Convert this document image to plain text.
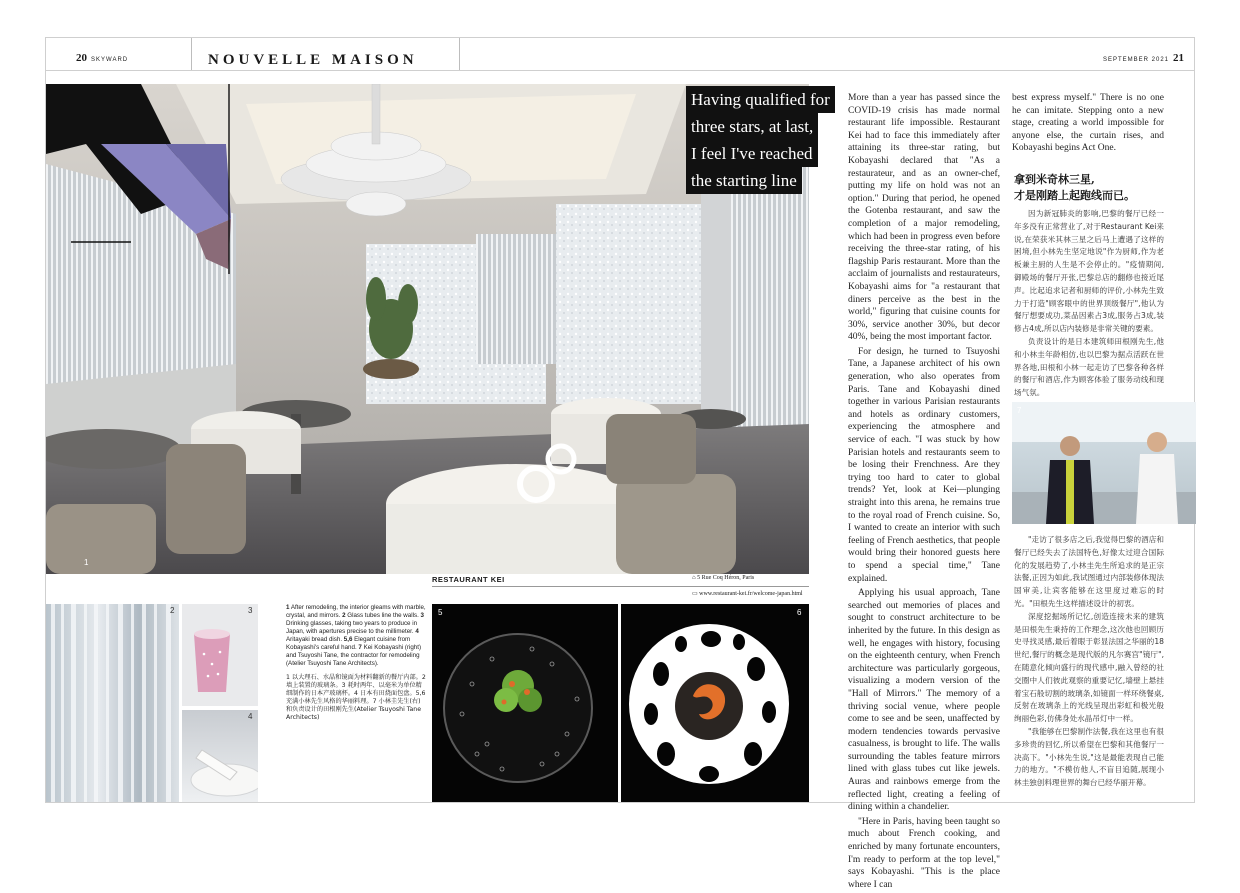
20 SKYWARD	NOUVELLE MAISON	SEPTEMBER 2021 21
1
Having qualified for
three stars, at last,
I feel I've reached
the starting line
2	3
4

1 After remodeling, the interior gleams with marble, crystal, and mirrors. 2 Glass tubes line the walls. 3 Drinking glasses, taking two years to produce in Japan, with apertures precise to the millimeter. 4 Aritayaki bread dish. 5,6 Elegant cuisine from Kobayashi's careful hand. 7 Kei Kobayashi (right) and Tsuyoshi Tane, the contractor for remodeling (Atelier Tsuyoshi Tane Architects).

1 以大理石、水晶和镜面为材料翻新的餐厅内部。2 墙上装置的玻璃条。3 耗时两年、以毫米为单位精细制作的日本产玻璃杯。4 日本有田烧面包盘。5,6 充满小林先生风格的华丽料理。7 小林圭先生(右)和负责设计的田根刚先生(Atelier Tsuyoshi Tane Architects)

RESTAURANT KEI	⌂ 5 Rue Coq Héron, Paris
▭ www.restaurant-kei.fr/welcome-japan.html
5	6

More than a year has passed since the COVID-19 crisis has made normal restaurant life impossible. Restaurant Kei had to face this immediately after attaining its three-star rating, but Kobayashi declared that "As a restaurateur, and as an owner-chef, putting my life on hold was not an option." During that period, he opened the Gotenba restaurant, and saw the completion of a major remodeling, which had been in progress even before receiving the three-star rating, of his flagship Paris restaurant. More than the acclaim of journalists and restaurateurs, Kobayashi aims for "a restaurant that diners perceive as the best in the world," figuring that cuisine counts for 30%, service another 30%, but decor 40%, being the most important factor.

For design, he turned to Tsuyoshi Tane, a Japanese architect of his own generation, who also operates from Paris. Tane and Kobayashi dined together in various Parisian restaurants and hotels as ordinary customers, experiencing the atmosphere and service of each. "I was stuck by how Parisian hotels and restaurants seem to be losing their Frenchness. Are they trying too hard to cater to global trends? Yet, look at Kei—plunging straight into this arena, he remains true to the royal road of French cuisine. So, I wanted to create an interior with such feeling of French aesthetics, that people would bring their honored guests here to spend a special time," Tane explained.

Applying his usual approach, Tane searched out memories of places and sought to construct architecture to be inherited by the future. In this design as well, he engages with history, focusing on the eighteenth century, when French architecture was particularly gorgeous, visualizing a modern version of the "Hall of Mirrors." The memory of a thriving social venue, where people come to see and be seen, unaffected by modern tendencies towards pervasive casualness, is brought to life. The walls surrounding the tables feature mirrors lined with glass tubes cut like jewels. Auras and rainbows emerge from the reflected light, creating a feeling of dining within a chandelier.

"Here in Paris, having been taught so much about French cooking, and enriched by many fortunate encounters, I'm ready to perform at the top level," says Kobayashi. "This is the place where I can

best express myself." There is no one he can imitate. Stepping onto a new stage, creating a world impossible for anyone else, the curtain rises, and Kobayashi begins Act One.

拿到米奇林三星,
才是刚踏上起跑线而已。

因为新冠肺炎的影响,巴黎的餐厅已经一年多没有正常营业了,对于Restaurant Kei来说,在荣获米其林三星之后马上遭遇了这样的困境,但小林先生坚定地说"作为厨师,作为老板兼主厨的人生是不会停止的。"疫情期间,御殿场的餐厅开张,巴黎总店的翻修也接近尾声。比起追求记者和厨师的评价,小林先生致力于打造"顾客眼中的世界顶级餐厅",他认为餐厅想要成功,菜品因素占3成,服务占3成,装修占4成,所以店内装修是非常关键的要素。

负责设计的是日本建筑师田根刚先生,他和小林圭年龄相仿,也以巴黎为据点活跃在世界各地,田根和小林一起走访了巴黎各种各样的餐厅和酒店,作为顾客体验了服务动线和现场气氛。

7

"走访了很多店之后,我觉得巴黎的酒店和餐厅已经失去了法国特色,好像太过迎合国际化的发展趋势了,小林圭先生所追求的是正宗法餐,正因为如此,我试图通过内部装修体现法国审美,让宾客能够在这里度过难忘的时光。"田根先生这样描述设计的初衷。

深度挖掘场所记忆,创造连接未来的建筑是田根先生秉持的工作理念,这次他也回顾历史寻找灵感,最后着眼于彰显法国之华丽的18世纪,餐厅的概念是现代版的凡尔赛宫"镜厅",在随意化倾向盛行的现代感中,融入曾经的社交圈中人们彼此观察的重要记忆,墙壁上悬挂着宝石般切割的玻璃条,如镜面一样环绕餐桌,反射在玻璃条上的光线呈现出彩虹和极光般绚丽色彩,仿佛身处水晶吊灯中一样。

"我能够在巴黎制作法餐,我在这里也有很多珍贵的回忆,所以希望在巴黎和其他餐厅一决高下。"小林先生说,"这是最能表现自己能力的地方。"不模仿他人,不盲目追随,展现小林圭独创料理世界的舞台已经华丽开幕。
